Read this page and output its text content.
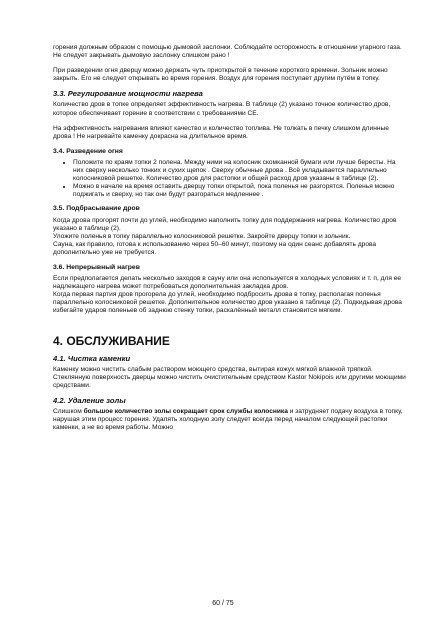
горения должным образом с помощью дымовой заслонки. Соблюдайте осторожность в отношении угарного газа. Не следует закрывать дымовую заслонку слишком рано !

При разведении огня дверцу можно держать чуть приоткрытой в течение короткого времени. Зольник можно закрыть. Его не следует открывать во время горения. Воздух для горения поступает другим путём в топку.

3.3. Регулирование мощности нагрева

Количество дров в топке определяет эффективность нагрева. В таблице (2) указано точное количество дров, которое обеспечивает горение в соответствии с требованиями CE.

На эффективность нагревания влияют качество и количество топлива. Не толкать в печку слишком длинные дрова ! Не нагревайте каменку докрасна на длительное время.

3.4. Разведение огня
• Положите по краям топки 2 полена. Между ними на колосник скомканной бумаги или лучше бересты. На них сверху несколько тонких и сухих щепок . Сверху обычные дрова . Всё укладывается параллельно колосниковой решетке. Количество дров для растопки и общей расход дров указаны в таблице (2).
• Можно в начале на время оставить дверцу топки открытой, пока поленья не разгорятся. Поленья можно поджигать и сверху, но так они будут разгораться медленнее .
3.5. Подбрасывание дров

Когда дрова прогорят почти до углей, необходимо наполнить топку для поддержания нагрева. Количество дров указано в таблице (2).

Уложите поленья в топку параллельно колосниковой решетке. Закройте дверцу топки и зольник.

Сауна, как правило, готова к использованию через 50–60 минут, поэтому на один сеанс добавлять дрова дополнительно уже не требуется.

3.6. Непрерывный нагрев

Если предполагается делать несколько заходов в сауну или она используется в холодных условиях и т. п, для ее надлежащего нагрева может потребоваться дополнительная закладка дров.

Когда первая партия дров прогорела до углей, необходимо подбросить дрова в топку, располагая поленья параллельно колосниковой решетке. Дополнительное количество дров указано в таблице (2). Подкидывая дрова избегайте ударов поленьев об заднюю стенку топки, раскалённый металл становится мягким.

4. ОБСЛУЖИВАНИЕ
4.1. Чистка каменки

Каменку можно чистить слабым раствором моющего средства, вытирая кожух мягкой влажной тряпкой. Стеклянную поверхность дверцы можно чистить очистительным средством Kastor Nokipois или другими моющими средствами.

4.2. Удаление золы

Слишком большое количество золы сокращает срок службы колосника и затрудняет подачу воздуха в топку, нарушая этим процесс горения. Удалять холодную золу следует всегда перед началом следующей растопки каменки, а не во время работы. Можно

60 / 75
